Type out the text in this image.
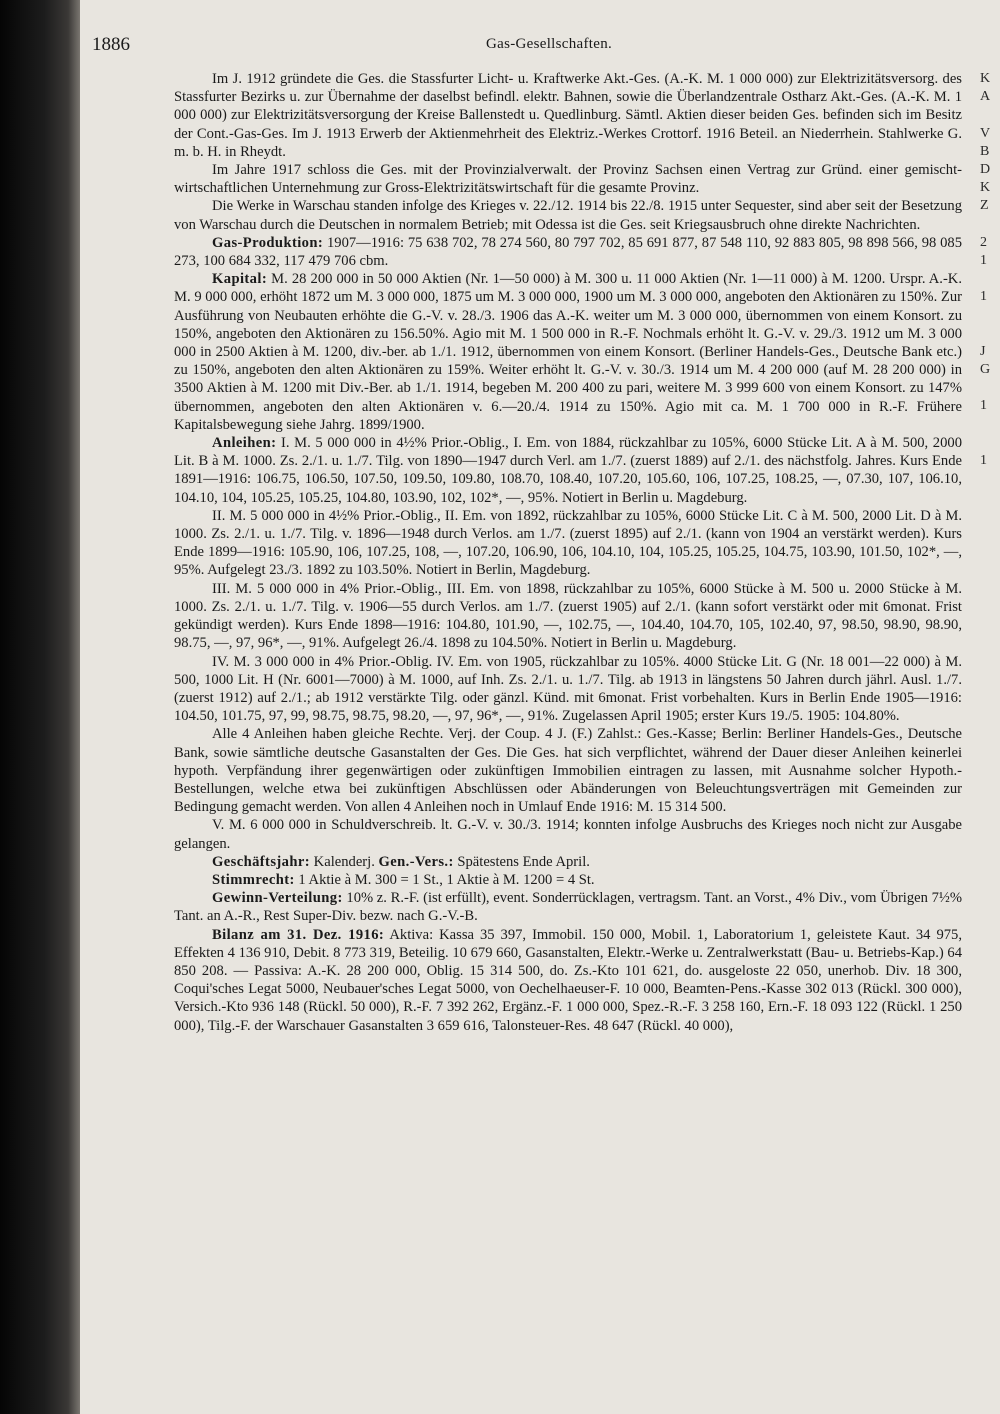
1886	Gas-Gesellschaften.

Im J. 1912 gründete die Ges. die Stassfurter Licht- u. Kraftwerke Akt.-Ges. (A.-K. M. 1 000 000) zur Elektrizitätsversorg. des Stassfurter Bezirks u. zur Übernahme der daselbst befindl. elektr. Bahnen, sowie die Überlandzentrale Ostharz Akt.-Ges. (A.-K. M. 1 000 000) zur Elektrizitätsversorgung der Kreise Ballenstedt u. Quedlinburg. Sämtl. Aktien dieser beiden Ges. befinden sich im Besitz der Cont.-Gas-Ges. Im J. 1913 Erwerb der Aktienmehrheit des Elektriz.-Werkes Crottorf. 1916 Beteil. an Niederrhein. Stahlwerke G. m. b. H. in Rheydt.

Im Jahre 1917 schloss die Ges. mit der Provinzialverwalt. der Provinz Sachsen einen Vertrag zur Gründ. einer gemischt-wirtschaftlichen Unternehmung zur Gross-Elektrizitätswirtschaft für die gesamte Provinz.

Die Werke in Warschau standen infolge des Krieges v. 22./12. 1914 bis 22./8. 1915 unter Sequester, sind aber seit der Besetzung von Warschau durch die Deutschen in normalem Betrieb; mit Odessa ist die Ges. seit Kriegsausbruch ohne direkte Nachrichten.

Gas-Produktion: 1907—1916: 75 638 702, 78 274 560, 80 797 702, 85 691 877, 87 548 110, 92 883 805, 98 898 566, 98 085 273, 100 684 332, 117 479 706 cbm.

Kapital: M. 28 200 000 in 50 000 Aktien (Nr. 1—50 000) à M. 300 u. 11 000 Aktien (Nr. 1—11 000) à M. 1200. Urspr. A.-K. M. 9 000 000, erhöht 1872 um M. 3 000 000, 1875 um M. 3 000 000, 1900 um M. 3 000 000, angeboten den Aktionären zu 150%. Zur Ausführung von Neubauten erhöhte die G.-V. v. 28./3. 1906 das A.-K. weiter um M. 3 000 000, übernommen von einem Konsort. zu 150%, angeboten den Aktionären zu 156.50%. Agio mit M. 1 500 000 in R.-F. Nochmals erhöht lt. G.-V. v. 29./3. 1912 um M. 3 000 000 in 2500 Aktien à M. 1200, div.-ber. ab 1./1. 1912, übernommen von einem Konsort. (Berliner Handels-Ges., Deutsche Bank etc.) zu 150%, angeboten den alten Aktionären zu 159%. Weiter erhöht lt. G.-V. v. 30./3. 1914 um M. 4 200 000 (auf M. 28 200 000) in 3500 Aktien à M. 1200 mit Div.-Ber. ab 1./1. 1914, begeben M. 200 400 zu pari, weitere M. 3 999 600 von einem Konsort. zu 147% übernommen, angeboten den alten Aktionären v. 6.—20./4. 1914 zu 150%. Agio mit ca. M. 1 700 000 in R.-F. Frühere Kapitalsbewegung siehe Jahrg. 1899/1900.

Anleihen: I. M. 5 000 000 in 4½% Prior.-Oblig., I. Em. von 1884, rückzahlbar zu 105%, 6000 Stücke Lit. A à M. 500, 2000 Lit. B à M. 1000. Zs. 2./1. u. 1./7. Tilg. von 1890—1947 durch Verl. am 1./7. (zuerst 1889) auf 2./1. des nächstfolg. Jahres. Kurs Ende 1891—1916: 106.75, 106.50, 107.50, 109.50, 109.80, 108.70, 108.40, 107.20, 105.60, 106, 107.25, 108.25, —, 07.30, 107, 106.10, 104.10, 104, 105.25, 105.25, 104.80, 103.90, 102, 102*, —, 95%. Notiert in Berlin u. Magdeburg.

II. M. 5 000 000 in 4½% Prior.-Oblig., II. Em. von 1892, rückzahlbar zu 105%, 6000 Stücke Lit. C à M. 500, 2000 Lit. D à M. 1000. Zs. 2./1. u. 1./7. Tilg. v. 1896—1948 durch Verlos. am 1./7. (zuerst 1895) auf 2./1. (kann von 1904 an verstärkt werden). Kurs Ende 1899—1916: 105.90, 106, 107.25, 108, —, 107.20, 106.90, 106, 104.10, 104, 105.25, 105.25, 104.75, 103.90, 101.50, 102*, —, 95%. Aufgelegt 23./3. 1892 zu 103.50%. Notiert in Berlin, Magdeburg.

III. M. 5 000 000 in 4% Prior.-Oblig., III. Em. von 1898, rückzahlbar zu 105%, 6000 Stücke à M. 500 u. 2000 Stücke à M. 1000. Zs. 2./1. u. 1./7. Tilg. v. 1906—55 durch Verlos. am 1./7. (zuerst 1905) auf 2./1. (kann sofort verstärkt oder mit 6monat. Frist gekündigt werden). Kurs Ende 1898—1916: 104.80, 101.90, —, 102.75, —, 104.40, 104.70, 105, 102.40, 97, 98.50, 98.90, 98.90, 98.75, —, 97, 96*, —, 91%. Aufgelegt 26./4. 1898 zu 104.50%. Notiert in Berlin u. Magdeburg.

IV. M. 3 000 000 in 4% Prior.-Oblig. IV. Em. von 1905, rückzahlbar zu 105%. 4000 Stücke Lit. G (Nr. 18 001—22 000) à M. 500, 1000 Lit. H (Nr. 6001—7000) à M. 1000, auf Inh. Zs. 2./1. u. 1./7. Tilg. ab 1913 in längstens 50 Jahren durch jährl. Ausl. 1./7. (zuerst 1912) auf 2./1.; ab 1912 verstärkte Tilg. oder gänzl. Künd. mit 6monat. Frist vorbehalten. Kurs in Berlin Ende 1905—1916: 104.50, 101.75, 97, 99, 98.75, 98.75, 98.20, —, 97, 96*, —, 91%. Zugelassen April 1905; erster Kurs 19./5. 1905: 104.80%.

Alle 4 Anleihen haben gleiche Rechte. Verj. der Coup. 4 J. (F.) Zahlst.: Ges.-Kasse; Berlin: Berliner Handels-Ges., Deutsche Bank, sowie sämtliche deutsche Gasanstalten der Ges. Die Ges. hat sich verpflichtet, während der Dauer dieser Anleihen keinerlei hypoth. Verpfändung ihrer gegenwärtigen oder zukünftigen Immobilien eintragen zu lassen, mit Ausnahme solcher Hypoth.-Bestellungen, welche etwa bei zukünftigen Abschlüssen oder Abänderungen von Beleuchtungsverträgen mit Gemeinden zur Bedingung gemacht werden. Von allen 4 Anleihen noch in Umlauf Ende 1916: M. 15 314 500.

V. M. 6 000 000 in Schuldverschreib. lt. G.-V. v. 30./3. 1914; konnten infolge Ausbruchs des Krieges noch nicht zur Ausgabe gelangen.

Geschäftsjahr: Kalenderj. Gen.-Vers.: Spätestens Ende April.

Stimmrecht: 1 Aktie à M. 300 = 1 St., 1 Aktie à M. 1200 = 4 St.

Gewinn-Verteilung: 10% z. R.-F. (ist erfüllt), event. Sonderrücklagen, vertragsm. Tant. an Vorst., 4% Div., vom Übrigen 7½% Tant. an A.-R., Rest Super-Div. bezw. nach G.-V.-B.

Bilanz am 31. Dez. 1916: Aktiva: Kassa 35 397, Immobil. 150 000, Mobil. 1, Laboratorium 1, geleistete Kaut. 34 975, Effekten 4 136 910, Debit. 8 773 319, Beteilig. 10 679 660, Gasanstalten, Elektr.-Werke u. Zentralwerkstatt (Bau- u. Betriebs-Kap.) 64 850 208. — Passiva: A.-K. 28 200 000, Oblig. 15 314 500, do. Zs.-Kto 101 621, do. ausgeloste 22 050, unerhob. Div. 18 300, Coqui'sches Legat 5000, Neubauer'sches Legat 5000, von Oechelhaeuser-F. 10 000, Beamten-Pens.-Kasse 302 013 (Rückl. 300 000), Versich.-Kto 936 148 (Rückl. 50 000), R.-F. 7 392 262, Ergänz.-F. 1 000 000, Spez.-R.-F. 3 258 160, Ern.-F. 18 093 122 (Rückl. 1 250 000), Tilg.-F. der Warschauer Gasanstalten 3 659 616, Talonsteuer-Res. 48 647 (Rückl. 40 000),

K
A
V
B
D
K
Z
2
1
1
J
G
1
1
